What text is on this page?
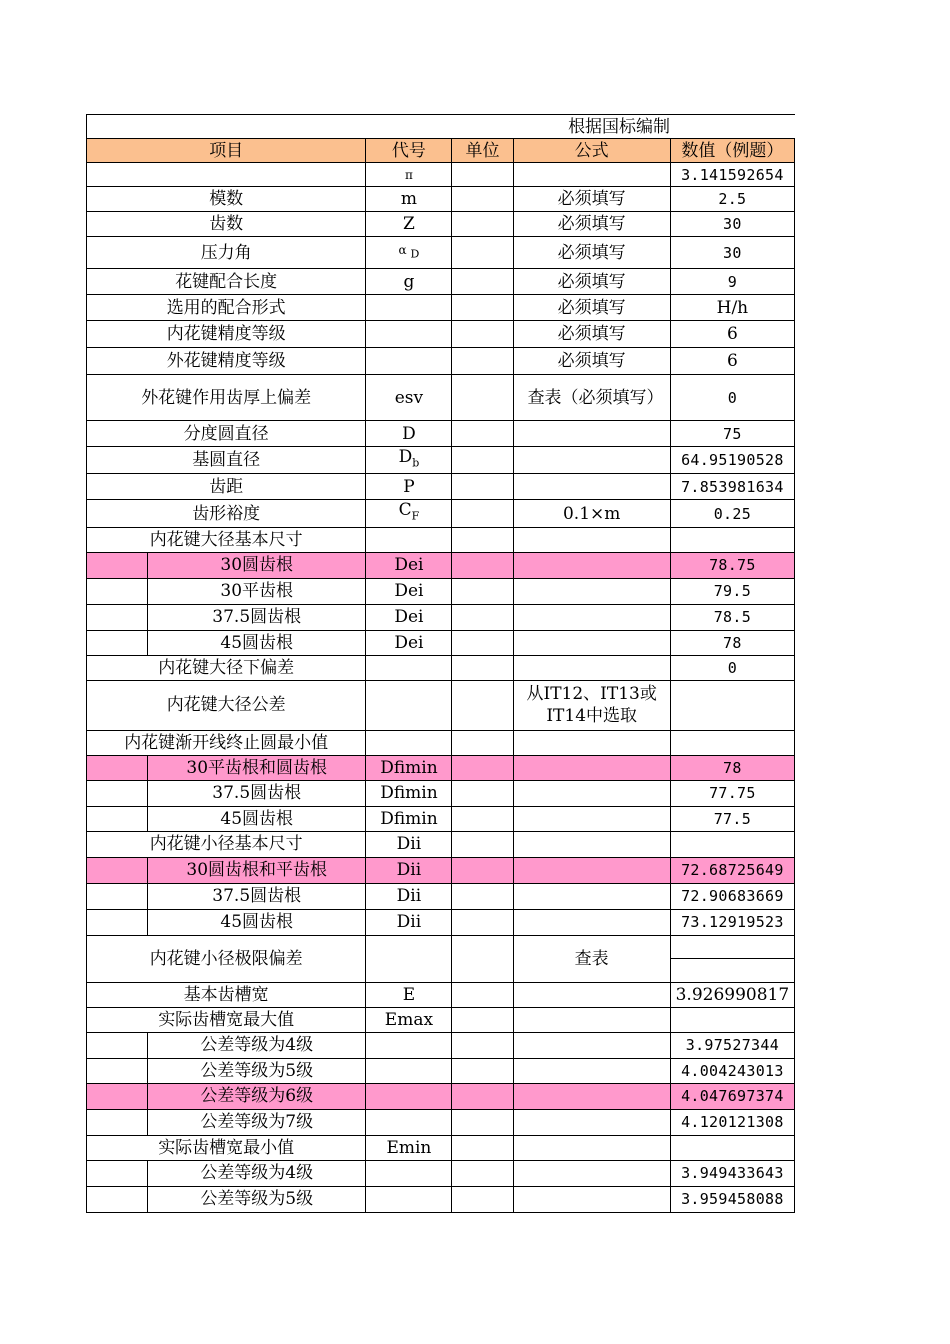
				根据国标编制	
项目		代号	单位	公式	数值（例题）
		π			3.141592654
模数		m		必须填写	2.5
齿数		Z		必须填写	30
压力角		α $_D$		必须填写	30
花键配合长度		g		必须填写	9
选用的配合形式				必须填写	H/h
内花键精度等级				必须填写	6
外花键精度等级				必须填写	6
外花键作用齿厚上偏差		esv		查表（必须填写）	0
分度圆直径		D			75
基圆直径		$D_b$			64.95190528
齿距		P			7.853981634
齿形裕度		$C_F$		0.1×m	0.25
内花键大径基本尺寸					
	30圆齿根	Dei			78.75
	30平齿根	Dei			79.5
	37.5圆齿根	Dei			78.5
	45圆齿根	Dei			78
内花键大径下偏差					0
内花键大径公差				从IT12、IT13或IT14中选取	
内花键渐开线终止圆最小值					
	30平齿根和圆齿根	Dfimin			78
	37.5圆齿根	Dfimin			77.75
	45圆齿根	Dfimin			77.5
内花键小径基本尺寸		Dii			
	30圆齿根和平齿根	Dii			72.68725649
	37.5圆齿根	Dii			72.90683669
	45圆齿根	Dii			73.12919523
内花键小径极限偏差				查表	

基本齿槽宽		E			3.926990817
实际齿槽宽最大值		Emax			
	公差等级为4级				3.97527344
	公差等级为5级				4.004243013
	公差等级为6级				4.047697374
	公差等级为7级				4.120121308
实际齿槽宽最小值		Emin			
	公差等级为4级				3.949433643
	公差等级为5级				3.959458088
